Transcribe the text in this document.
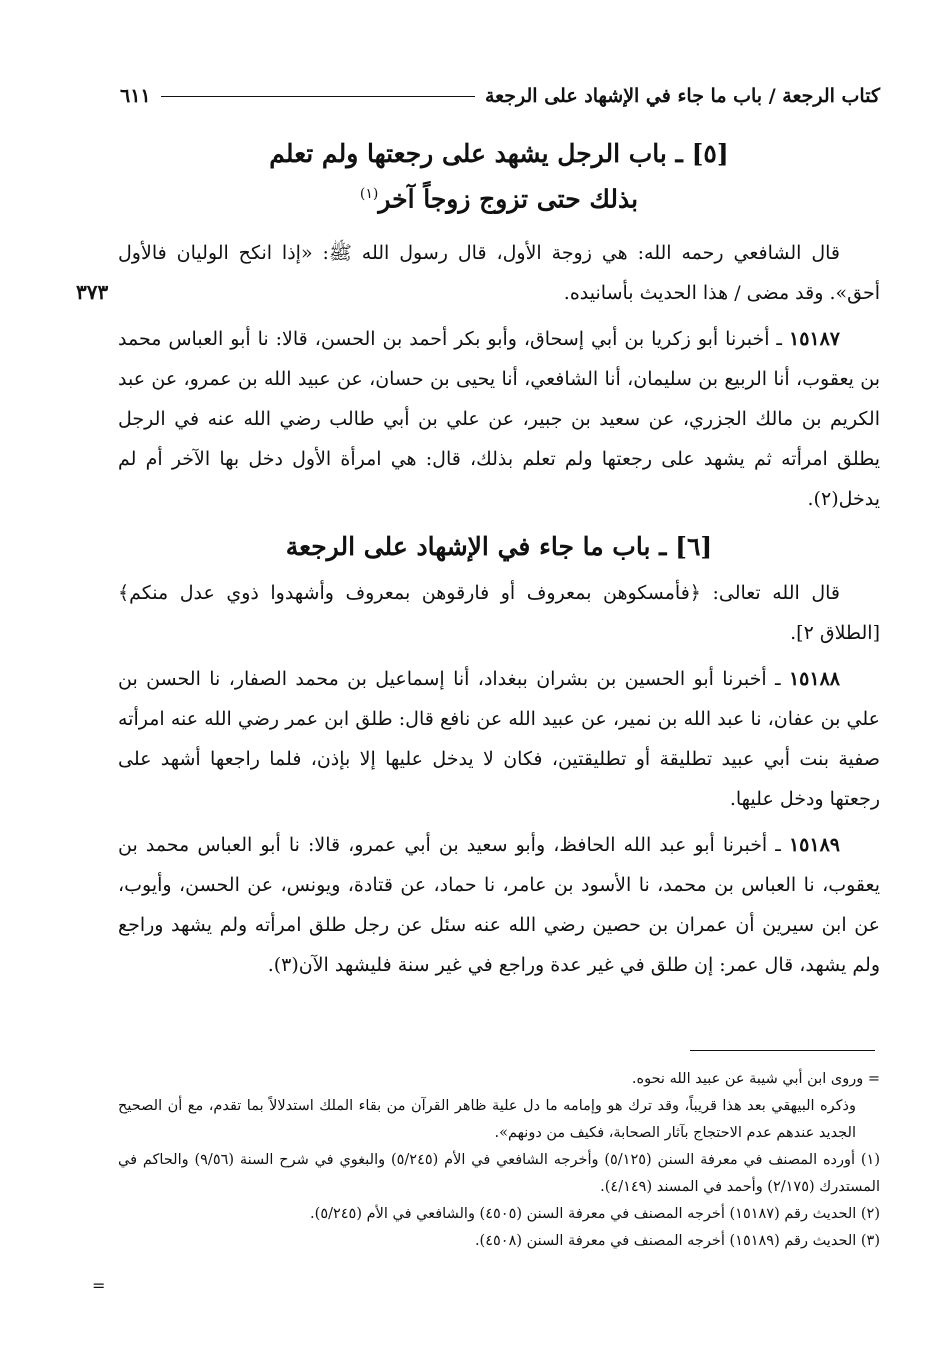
كتاب الرجعة / باب ما جاء في الإشهاد على الرجعة
٦١١
٣٧٣

[٥] ـ باب الرجل يشهد على رجعتها ولم تعلم
بذلك حتى تزوج زوجاً آخر$^{(١)}$

قال الشافعي رحمه الله: هي زوجة الأول، قال رسول الله ﷺ: «إذا انكح الوليان فالأول أحق». وقد مضى / هذا الحديث بأسانيده.

١٥١٨٧ ـ أخبرنا أبو زكريا بن أبي إسحاق، وأبو بكر أحمد بن الحسن، قالا: نا أبو العباس محمد بن يعقوب، أنا الربيع بن سليمان، أنا الشافعي، أنا يحيى بن حسان، عن عبيد الله بن عمرو، عن عبد الكريم بن مالك الجزري، عن سعيد بن جبير، عن علي بن أبي طالب رضي الله عنه في الرجل يطلق امرأته ثم يشهد على رجعتها ولم تعلم بذلك، قال: هي امرأة الأول دخل بها الآخر أم لم يدخل(٢).

[٦] ـ باب ما جاء في الإشهاد على الرجعة

قال الله تعالى: ﴿فأمسكوهن بمعروف أو فارقوهن بمعروف وأشهدوا ذوي عدل منكم﴾ [الطلاق ٢].

١٥١٨٨ ـ أخبرنا أبو الحسين بن بشران ببغداد، أنا إسماعيل بن محمد الصفار، نا الحسن بن علي بن عفان، نا عبد الله بن نمير، عن عبيد الله عن نافع قال: طلق ابن عمر رضي الله عنه امرأته صفية بنت أبي عبيد تطليقة أو تطليقتين، فكان لا يدخل عليها إلا بإذن، فلما راجعها أشهد على رجعتها ودخل عليها.

١٥١٨٩ ـ أخبرنا أبو عبد الله الحافظ، وأبو سعيد بن أبي عمرو، قالا: نا أبو العباس محمد بن يعقوب، نا العباس بن محمد، نا الأسود بن عامر، نا حماد، عن قتادة، ويونس، عن الحسن، وأيوب، عن ابن سيرين أن عمران بن حصين رضي الله عنه سئل عن رجل طلق امرأته ولم يشهد وراجع ولم يشهد، قال عمر: إن طلق في غير عدة وراجع في غير سنة فليشهد الآن(٣).

= وروى ابن أبي شيبة عن عبيد الله نحوه.

وذكره البيهقي بعد هذا قريباً، وقد ترك هو وإمامه ما دل علية ظاهر القرآن من بقاء الملك استدلالاً بما تقدم، مع أن الصحيح الجديد عندهم عدم الاحتجاج بآثار الصحابة، فكيف من دونهم».

(١) أورده المصنف في معرفة السنن (٥/١٢٥) وأخرجه الشافعي في الأم (٥/٢٤٥) والبغوي في شرح السنة (٩/٥٦) والحاكم في المستدرك (٢/١٧٥) وأحمد في المسند (٤/١٤٩).

(٢) الحديث رقم (١٥١٨٧) أخرجه المصنف في معرفة السنن (٤٥٠٥) والشافعي في الأم (٥/٢٤٥).

(٣) الحديث رقم (١٥١٨٩) أخرجه المصنف في معرفة السنن (٤٥٠٨).

=
